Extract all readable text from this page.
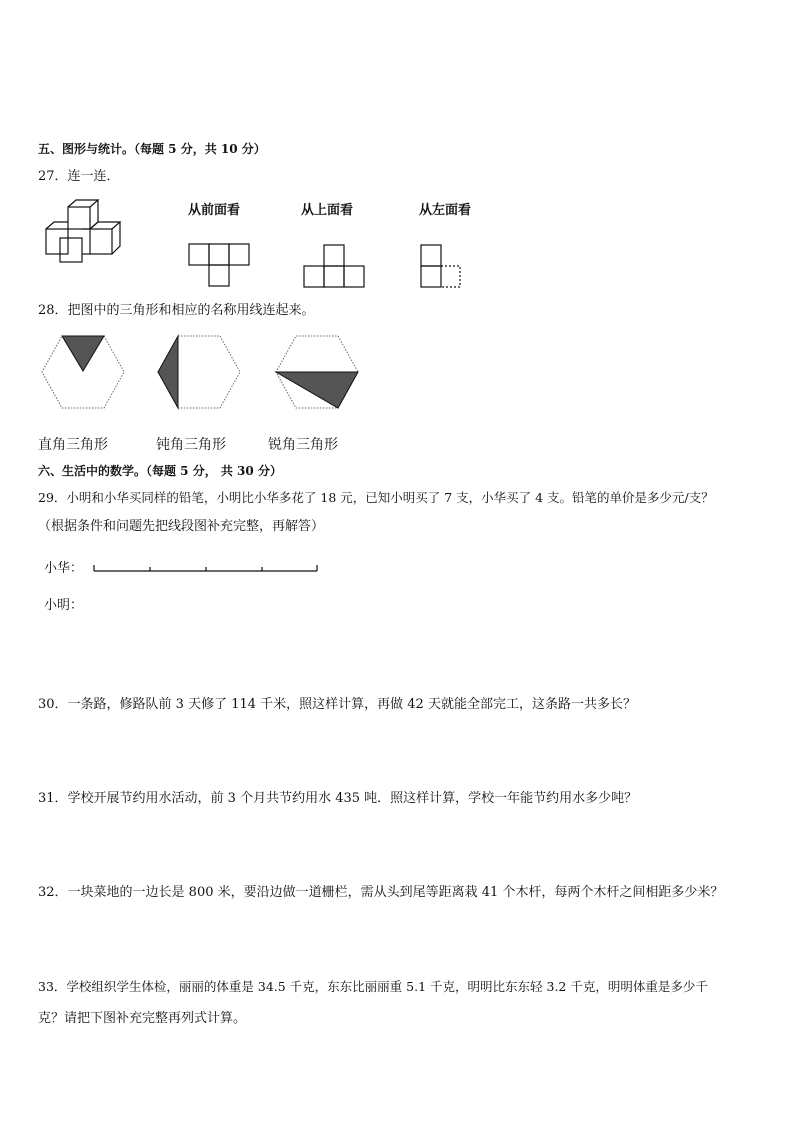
五、图形与统计。（每题 5 分，共 10 分）
27．连一连．
从前面看	从上面看	从左面看
28．把图中的三角形和相应的名称用线连起来。
直角三角形	钝角三角形	锐角三角形
六、生活中的数学。（每题 5 分， 共 30 分）
29．小明和小华买同样的铅笔，小明比小华多花了 18 元，已知小明买了 7 支，小华买了 4 支。铅笔的单价是多少元/支？
（根据条件和问题先把线段图补充完整，再解答）
小华：
小明：
30．一条路，修路队前 3 天修了 114 千米，照这样计算，再做 42 天就能全部完工，这条路一共多长？
31．学校开展节约用水活动，前 3 个月共节约用水 435 吨．照这样计算，学校一年能节约用水多少吨？
32．一块菜地的一边长是 800 米，要沿边做一道栅栏，需从头到尾等距离栽 41 个木杆，每两个木杆之间相距多少米？
33．学校组织学生体检，丽丽的体重是 34.5 千克，东东比丽丽重 5.1 千克，明明比东东轻 3.2 千克，明明体重是多少千
克？请把下图补充完整再列式计算。
